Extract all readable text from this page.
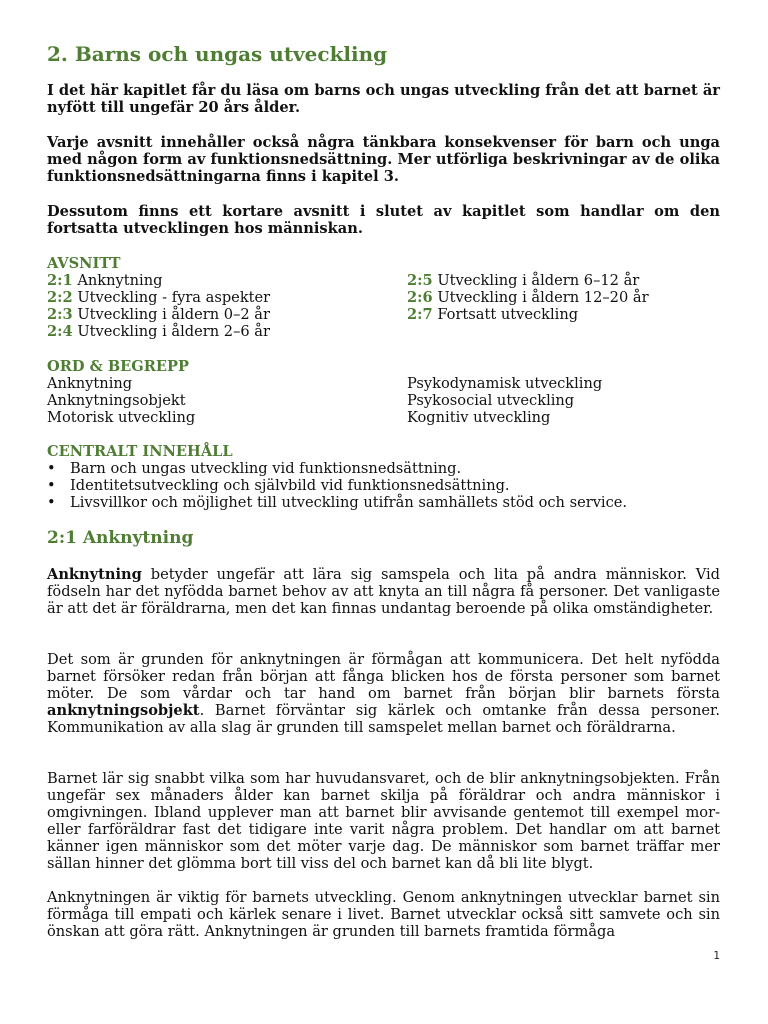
2. Barns och ungas utveckling

I det här kapitlet får du läsa om barns och ungas utveckling från det att barnet är nyfött till ungefär 20 års ålder.

Varje avsnitt innehåller också några tänkbara konsekvenser för barn och unga med någon form av funktionsnedsättning. Mer utförliga beskrivningar av de olika funktionsnedsättningarna finns i kapitel 3.

Dessutom finns ett kortare avsnitt i slutet av kapitlet som handlar om den fortsatta utvecklingen hos människan.

AVSNITT
2:1 Anknytning	2:5 Utveckling i åldern 6–12 år
2:2 Utveckling - fyra aspekter	2:6 Utveckling i åldern 12–20 år
2:3 Utveckling i åldern 0–2 år	2:7 Fortsatt utveckling
2:4 Utveckling i åldern 2–6 år
ORD & BEGREPP
Anknytning	Psykodynamisk utveckling
Anknytningsobjekt	Psykosocial utveckling
Motorisk utveckling	Kognitiv utveckling
CENTRALT INNEHÅLL
• Barn och ungas utveckling vid funktionsnedsättning.
• Identitetsutveckling och självbild vid funktionsnedsättning.
• Livsvillkor och möjlighet till utveckling utifrån samhällets stöd och service.
2:1 Anknytning

Anknytning betyder ungefär att lära sig samspela och lita på andra människor. Vid födseln har det nyfödda barnet behov av att knyta an till några få personer. Det vanligaste är att det är föräldrarna, men det kan finnas undantag beroende på olika omständigheter.

Det som är grunden för anknytningen är förmågan att kommunicera. Det helt nyfödda barnet försöker redan från början att fånga blicken hos de första personer som barnet möter. De som vårdar och tar hand om barnet från början blir barnets första anknytningsobjekt. Barnet förväntar sig kärlek och omtanke från dessa personer. Kommunikation av alla slag är grunden till samspelet mellan barnet och föräldrarna.

Barnet lär sig snabbt vilka som har huvudansvaret, och de blir anknytningsobjekten. Från ungefär sex månaders ålder kan barnet skilja på föräldrar och andra människor i omgivningen. Ibland upplever man att barnet blir avvisande gentemot till exempel mor- eller farföräldrar fast det tidigare inte varit några problem. Det handlar om att barnet känner igen människor som det möter varje dag. De människor som barnet träffar mer sällan hinner det glömma bort till viss del och barnet kan då bli lite blygt.

Anknytningen är viktig för barnets utveckling. Genom anknytningen utvecklar barnet sin förmåga till empati och kärlek senare i livet. Barnet utvecklar också sitt samvete och sin önskan att göra rätt. Anknytningen är grunden till barnets framtida förmåga

1
